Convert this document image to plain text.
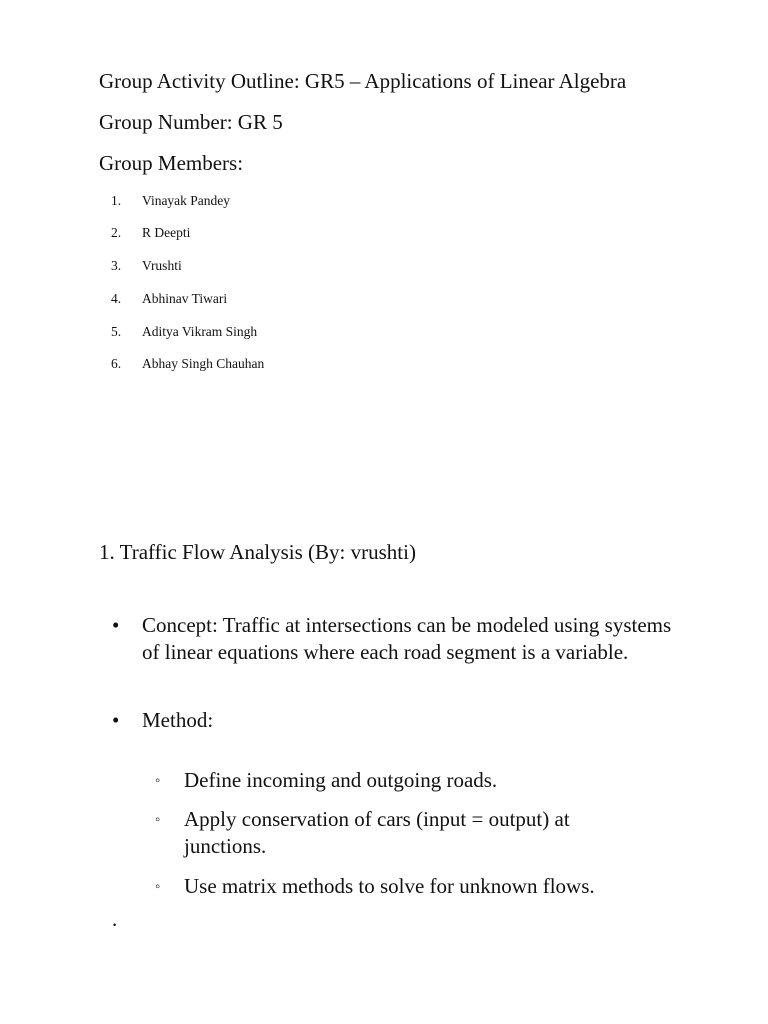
Group Activity Outline: GR5 – Applications of Linear Algebra
Group Number: GR 5
Group Members:
1.	Vinayak Pandey
2.	R Deepti
3.	Vrushti
4.	Abhinav Tiwari
5.	Aditya Vikram Singh
6.	Abhay Singh Chauhan
1. Traffic Flow Analysis (By: vrushti)
• Concept: Traffic at intersections can be modeled using systems of linear equations where each road segment is a variable.
• Method:
◦ Define incoming and outgoing roads.
◦ Apply conservation of cars (input = output) at junctions.
◦ Use matrix methods to solve for unknown flows.
.
